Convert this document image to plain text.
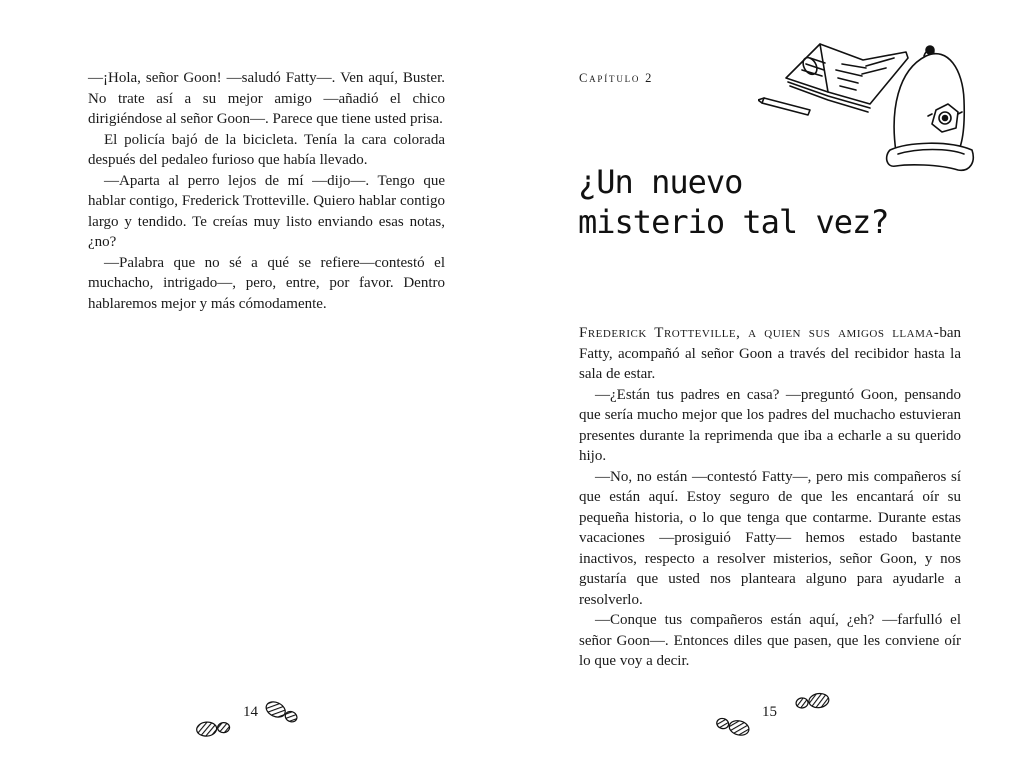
—¡Hola, señor Goon! —saludó Fatty—. Ven aquí, Buster. No trate así a su mejor amigo —añadió el chico dirigiéndose al señor Goon—. Parece que tiene usted prisa.

El policía bajó de la bicicleta. Tenía la cara colorada después del pedaleo furioso que había llevado.

—Aparta al perro lejos de mí —dijo—. Tengo que hablar contigo, Frederick Trotteville. Quiero hablar contigo largo y tendido. Te creías muy listo enviando esas notas, ¿no?

—Palabra que no sé a qué se refiere—contestó el muchacho, intrigado—, pero, entre, por favor. Dentro hablaremos mejor y más cómodamente.

14
Capítulo 2
¿Un nuevo
misterio tal vez?

Frederick Trotteville, a quien sus amigos llama-ban Fatty, acompañó al señor Goon a través del recibidor hasta la sala de estar.

—¿Están tus padres en casa? —preguntó Goon, pensando que sería mucho mejor que los padres del muchacho estuvieran presentes durante la reprimenda que iba a echarle a su querido hijo.

—No, no están —contestó Fatty—, pero mis compañeros sí que están aquí. Estoy seguro de que les encantará oír su pequeña historia, o lo que tenga que contarme. Durante estas vacaciones —prosiguió Fatty— hemos estado bastante inactivos, respecto a resolver misterios, señor Goon, y nos gustaría que usted nos planteara alguno para ayudarle a resolverlo.

—Conque tus compañeros están aquí, ¿eh? —farfulló el señor Goon—. Entonces diles que pasen, que les conviene oír lo que voy a decir.

15
